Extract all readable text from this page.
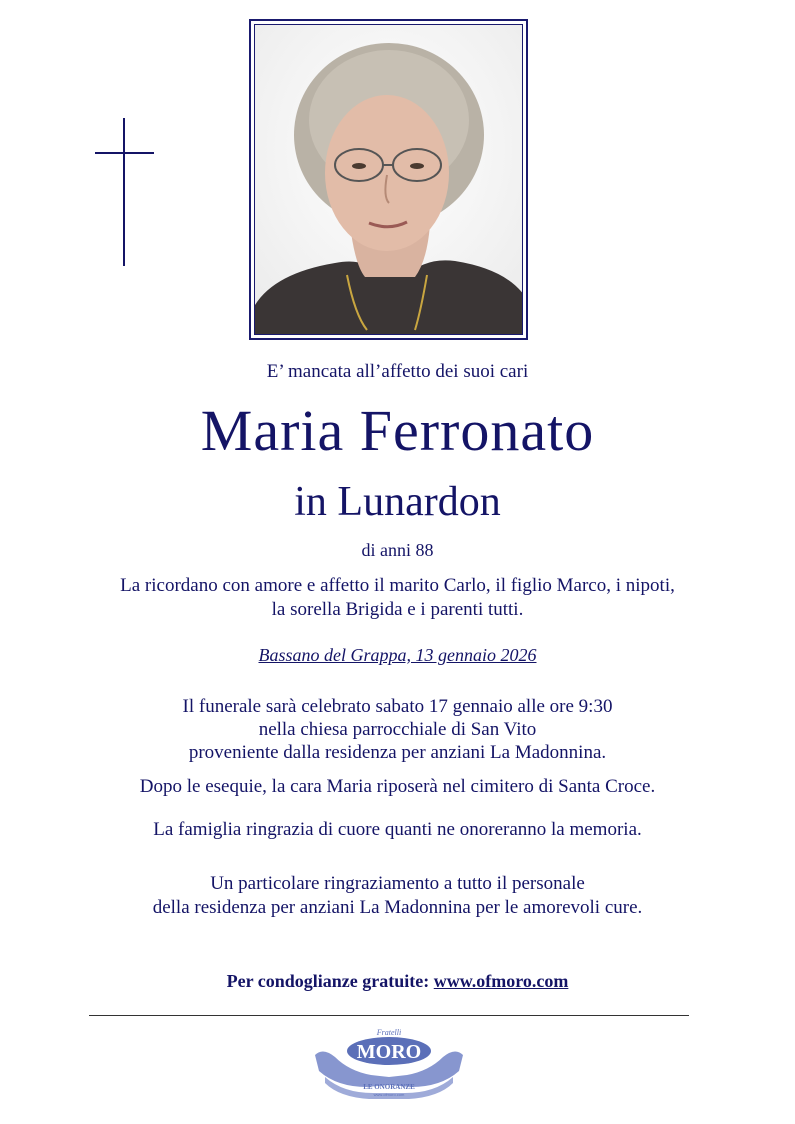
E’ mancata all’affetto dei suoi cari
Maria Ferronato
in Lunardon
di anni 88
La ricordano con amore e affetto il marito Carlo, il figlio Marco, i nipoti,
la sorella Brigida e i parenti tutti.
Bassano del Grappa, 13 gennaio 2026
Il funerale sarà celebrato sabato 17 gennaio alle ore 9:30
nella chiesa parrocchiale di San Vito
proveniente dalla residenza per anziani La Madonnina.
Dopo le esequie, la cara Maria riposerà nel cimitero di Santa Croce.
La famiglia ringrazia di cuore quanti ne onoreranno la memoria.
Un particolare ringraziamento a tutto il personale
della residenza per anziani La Madonnina per le amorevoli cure.
Per condoglianze gratuite: www.ofmoro.com
Fratelli
MORO
LE ONORANZE
www.ofmoro.com
